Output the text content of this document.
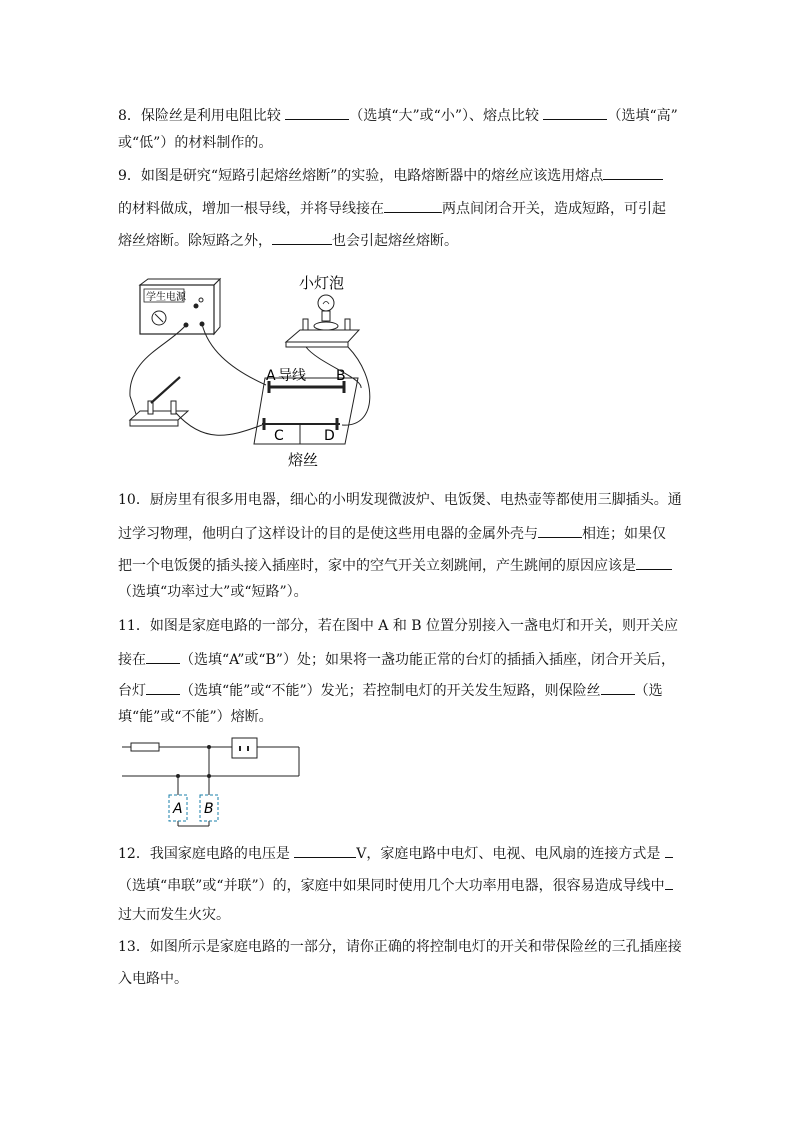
8．保险丝是利用电阻比较	（选填“大”或“小”）、熔点比较	（选填“高”
或“低”）的材料制作的。
9．如图是研究“短路引起熔丝熔断”的实验，电路熔断器中的熔丝应该选用熔点
的材料做成，增加一根导线，并将导线接在	两点间闭合开关，造成短路，可引起
熔丝熔断。除短路之外，	也会引起熔丝熔断。
学生电源
小灯泡
A 导线 B
C	D
熔丝
10．厨房里有很多用电器，细心的小明发现微波炉、电饭煲、电热壶等都使用三脚插头。通
过学习物理，他明白了这样设计的目的是使这些用电器的金属外壳与	相连；如果仅
把一个电饭煲的插头接入插座时，家中的空气开关立刻跳闸，产生跳闸的原因应该是
（选填“功率过大”或“短路”）。
11．如图是家庭电路的一部分，若在图中 A 和 B 位置分别接入一盏电灯和开关，则开关应
接在 （选填“A”或“B”）处；如果将一盏功能正常的台灯的插插入插座，闭合开关后，
台灯 （选填“能”或“不能”）发光；若控制电灯的开关发生短路，则保险丝 （选
填“能”或“不能”）熔断。
A B
12．我国家庭电路的电压是	V，家庭电路中电灯、电视、电风扇的连接方式是
（选填“串联”或“并联”）的，家庭中如果同时使用几个大功率用电器，很容易造成导线中
过大而发生火灾。
13．如图所示是家庭电路的一部分，请你正确的将控制电灯的开关和带保险丝的三孔插座接
入电路中。
